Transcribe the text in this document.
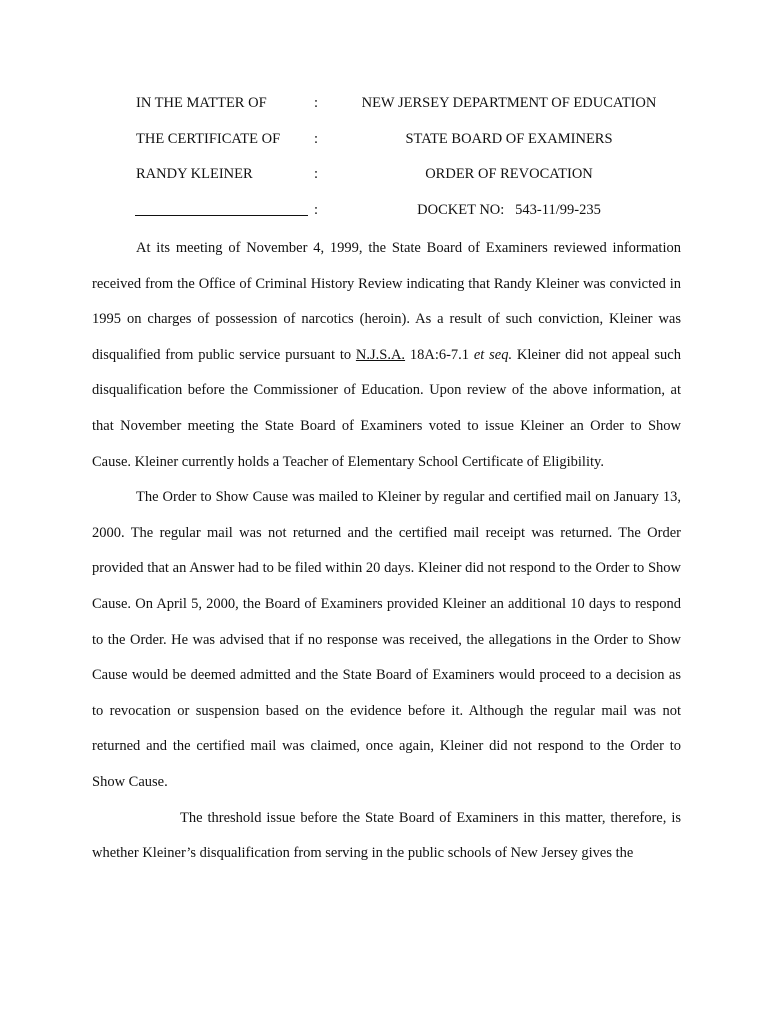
IN THE MATTER OF	:	NEW JERSEY DEPARTMENT OF EDUCATION
THE CERTIFICATE OF :	STATE BOARD OF EXAMINERS
RANDY KLEINER	:	ORDER OF REVOCATION
:	DOCKET NO:   543-11/99-235

At its meeting of November 4, 1999, the State Board of Examiners reviewed information received from the Office of Criminal History Review indicating that Randy Kleiner was convicted in 1995 on charges of possession of narcotics (heroin). As a result of such conviction, Kleiner was disqualified from public service pursuant to N.J.S.A. 18A:6-7.1 et seq. Kleiner did not appeal such disqualification before the Commissioner of Education. Upon review of the above information, at that November meeting the State Board of Examiners voted to issue Kleiner an Order to Show Cause. Kleiner currently holds a Teacher of Elementary School Certificate of Eligibility.

The Order to Show Cause was mailed to Kleiner by regular and certified mail on January 13, 2000. The regular mail was not returned and the certified mail receipt was returned. The Order provided that an Answer had to be filed within 20 days. Kleiner did not respond to the Order to Show Cause. On April 5, 2000, the Board of Examiners provided Kleiner an additional 10 days to respond to the Order. He was advised that if no response was received, the allegations in the Order to Show Cause would be deemed admitted and the State Board of Examiners would proceed to a decision as to revocation or suspension based on the evidence before it. Although the regular mail was not returned and the certified mail was claimed, once again, Kleiner did not respond to the Order to Show Cause.

The threshold issue before the State Board of Examiners in this matter, therefore, is whether Kleiner’s disqualification from serving in the public schools of New Jersey gives the
